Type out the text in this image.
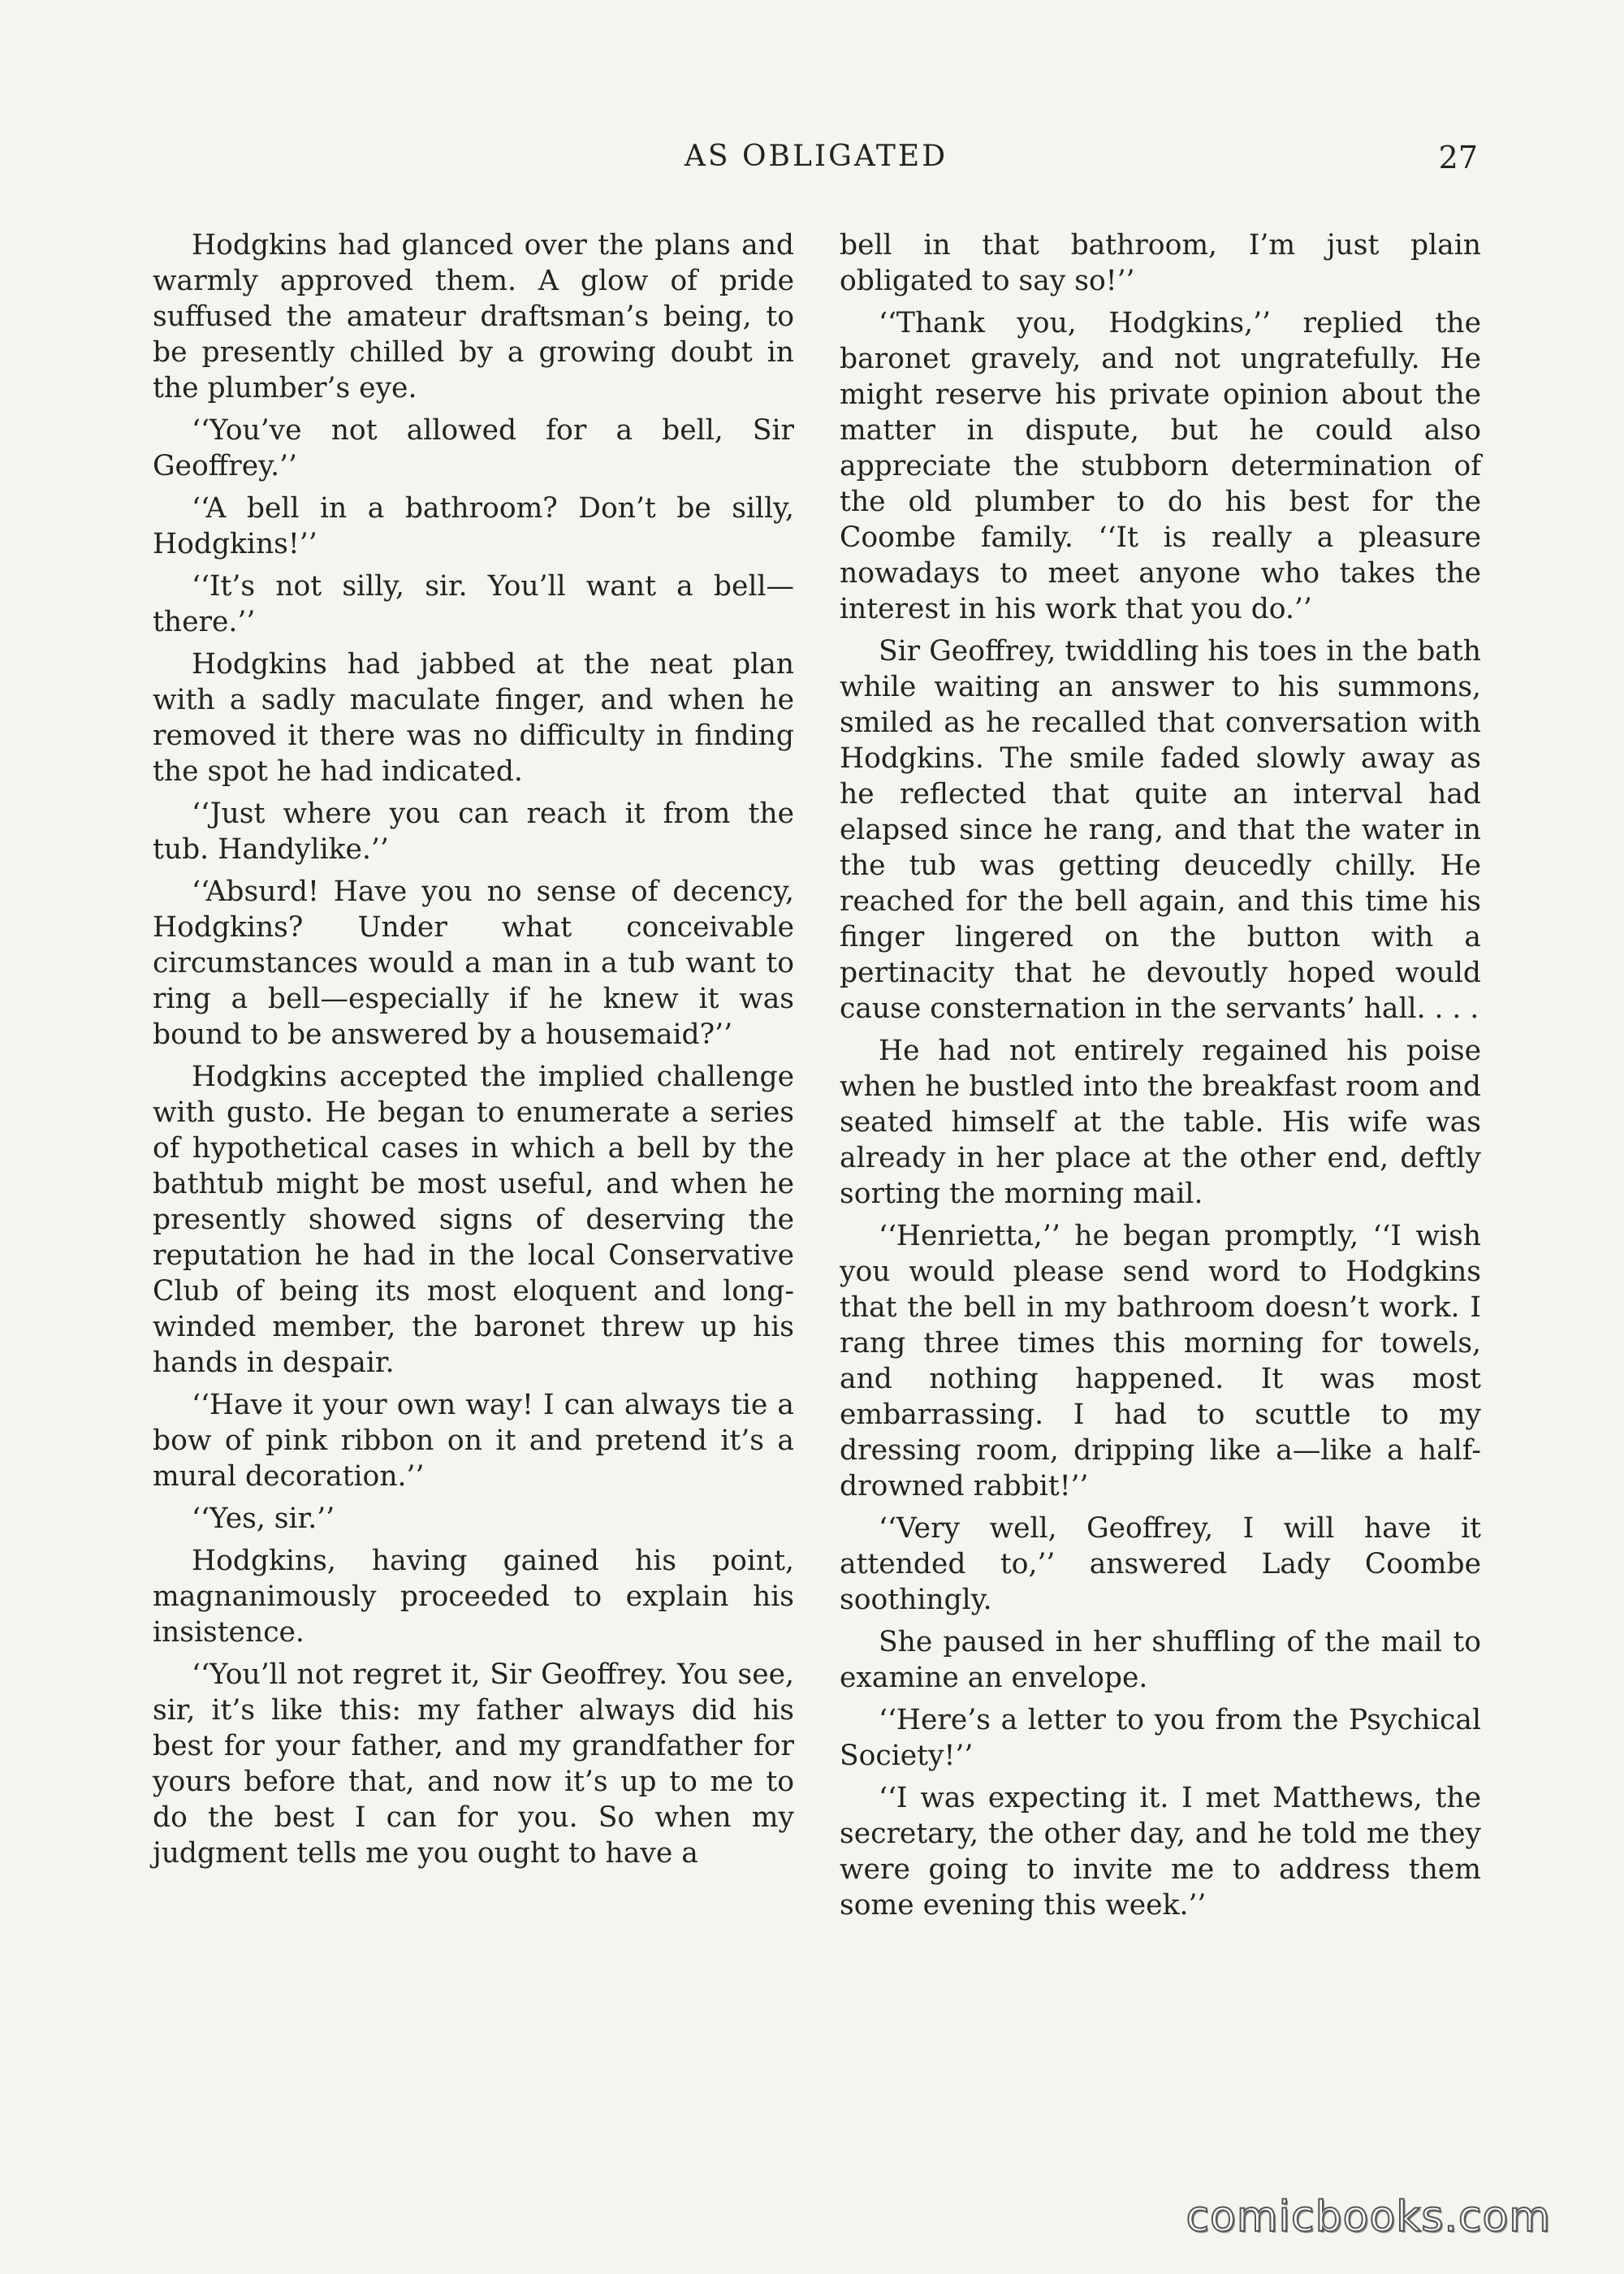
AS OBLIGATED	27

Hodgkins had glanced over the plans and warmly approved them. A glow of pride suffused the amateur draftsman’s being, to be presently chilled by a growing doubt in the plumber’s eye.

‘‘You’ve not allowed for a bell, Sir Geoffrey.’’

‘‘A bell in a bathroom? Don’t be silly, Hodgkins!’’

‘‘It’s not silly, sir. You’ll want a bell—there.’’

Hodgkins had jabbed at the neat plan with a sadly maculate finger, and when he removed it there was no difficulty in finding the spot he had indicated.

‘‘Just where you can reach it from the tub. Handylike.’’

‘‘Absurd! Have you no sense of decency, Hodgkins? Under what conceivable circumstances would a man in a tub want to ring a bell—especially if he knew it was bound to be answered by a housemaid?’’

Hodgkins accepted the implied challenge with gusto. He began to enumerate a series of hypothetical cases in which a bell by the bathtub might be most useful, and when he presently showed signs of deserving the reputation he had in the local Conservative Club of being its most eloquent and long-winded member, the baronet threw up his hands in despair.

‘‘Have it your own way! I can always tie a bow of pink ribbon on it and pretend it’s a mural decoration.’’

‘‘Yes, sir.’’

Hodgkins, having gained his point, magnanimously proceeded to explain his insistence.

‘‘You’ll not regret it, Sir Geoffrey. You see, sir, it’s like this: my father always did his best for your father, and my grandfather for yours before that, and now it’s up to me to do the best I can for you. So when my judgment tells me you ought to have a

bell in that bathroom, I’m just plain obligated to say so!’’

‘‘Thank you, Hodgkins,’’ replied the baronet gravely, and not ungratefully. He might reserve his private opinion about the matter in dispute, but he could also appreciate the stubborn determination of the old plumber to do his best for the Coombe family. ‘‘It is really a pleasure nowadays to meet anyone who takes the interest in his work that you do.’’

Sir Geoffrey, twiddling his toes in the bath while waiting an answer to his summons, smiled as he recalled that conversation with Hodgkins. The smile faded slowly away as he reflected that quite an interval had elapsed since he rang, and that the water in the tub was getting deucedly chilly. He reached for the bell again, and this time his finger lingered on the button with a pertinacity that he devoutly hoped would cause consternation in the servants’ hall. . . .

He had not entirely regained his poise when he bustled into the breakfast room and seated himself at the table. His wife was already in her place at the other end, deftly sorting the morning mail.

‘‘Henrietta,’’ he began promptly, ‘‘I wish you would please send word to Hodgkins that the bell in my bathroom doesn’t work. I rang three times this morning for towels, and nothing happened. It was most embarrassing. I had to scuttle to my dressing room, dripping like a—like a half-drowned rabbit!’’

‘‘Very well, Geoffrey, I will have it attended to,’’ answered Lady Coombe soothingly.

She paused in her shuffling of the mail to examine an envelope.

‘‘Here’s a letter to you from the Psychical Society!’’

‘‘I was expecting it. I met Matthews, the secretary, the other day, and he told me they were going to invite me to address them some evening this week.’’

comicbooks.com
